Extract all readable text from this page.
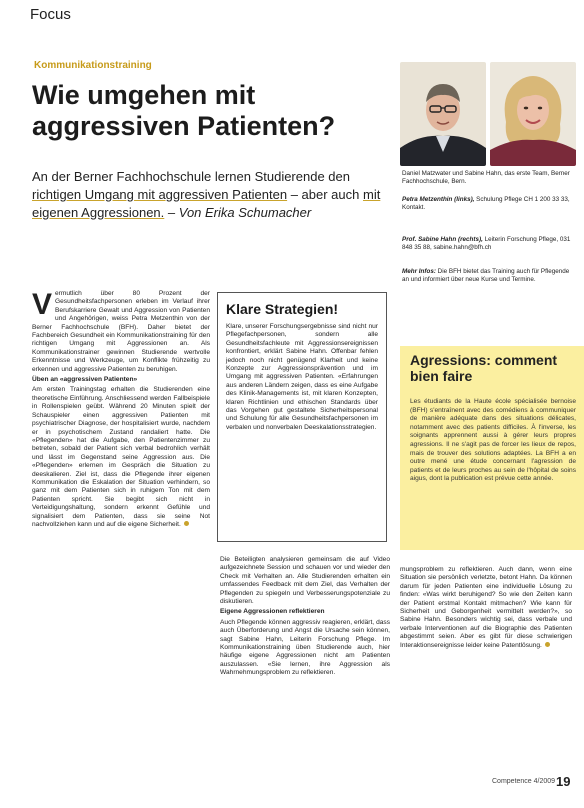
Focus
Kommunikationstraining
Wie umgehen mit aggressiven Patienten?
An der Berner Fachhochschule lernen Studierende den richtigen Umgang mit aggressiven Patienten – aber auch mit eigenen Aggressionen. – Von Erika Schumacher
Daniel Matzwater und Sabine Hahn, das erste Team, Berner Fachhochschule, Bern.
Petra Metzenthin (links), Schulung Pflege CH 1 200 33 33, Kontakt.
Prof. Sabine Hahn (rechts), Leiterin Forschung Pflege, 031 848 35 88, sabine.hahn@bfh.ch
Mehr Infos: Die BFH bietet das Training auch für Pflegende an und informiert über neue Kurse und Termine.

Vermutlich über 80 Prozent der Gesundheitsfachpersonen erleben im Verlauf ihrer Berufskarriere Gewalt und Aggression von Patienten und Angehörigen, weiss Petra Metzenthin von der Berner Fachhochschule (BFH). Daher bietet der Fachbereich Gesundheit ein Kommunikationstraining für den richtigen Umgang mit Aggressionen an. Als Kommunikationstrainer gewinnen Studierende wertvolle Erkenntnisse und Werkzeuge, um Konflikte frühzeitig zu erkennen und aggressive Patienten zu beruhigen.

Üben an «aggressiven Patienten»

Am ersten Trainingstag erhalten die Studierenden eine theoretische Einführung. Anschliessend werden Fallbeispiele in Rollenspielen geübt. Während 20 Minuten spielt der Schauspieler einen aggressiven Patienten mit psychiatrischer Diagnose, der hospitalisiert wurde, nachdem er in psychotischem Zustand randaliert hatte. Die «Pflegenden» hat die Aufgabe, den Patientenzimmer zu betreten, sobald der Patient sich verbal bedrohlich verhält und lässt im Gegenstand seine Aggression aus. Die «Pflegenden» erlernen im Gespräch die Situation zu deeskalieren. Ziel ist, dass die Pflegende ihrer eigenen Kommunikation die Eskalation der Situation verhindern, so ganz mit dem Patienten sich in ruhigem Ton mit dem Patienten spricht. Sie begibt sich nicht in Verteidigungshaltung, sondern erkennt Gefühle und signalisiert dem Patienten, dass sie seine Not nachvollziehen kann und auf die eigene Sicherheit.

Klare Strategien!
Klare, unserer Forschungsergebnisse sind nicht nur Pflegefachpersonen, sondern alle Gesundheitsfachleute mit Aggressionsereignissen konfrontiert, erklärt Sabine Hahn. Offenbar fehlen jedoch noch nicht genügend Klarheit und keine Konzepte zur Aggressionsprävention und im Umgang mit aggressiven Patienten. «Erfahrungen aus anderen Ländern zeigen, dass es eine Aufgabe des Klinik-Managements ist, mit klaren Konzepten, klaren Richtlinien und ethischen Standards über das Vorgehen gut gestaltete Sicherheitspersonal und Schulung für alle Gesundheitsfachpersonen im verbalen und nonverbalen Deeskalationsstrategien.

Die Beteiligten analysieren gemeinsam die auf Video aufgezeichnete Session und schauen vor und wieder den Check mit Verhalten an. Alle Studierenden erhalten ein umfassendes Feedback mit dem Ziel, das Verhalten der Pflegenden zu spiegeln und Verbesserungspotenziale zu diskutieren.

Eigene Aggressionen reflektieren

Auch Pflegende können aggressiv reagieren, erklärt, dass auch Überforderung und Angst die Ursache sein können, sagt Sabine Hahn, Leiterin Forschung Pflege. Im Kommunikationstraining üben Studierende auch, hier häufige eigene Aggressionen nicht am Patienten auszulassen. «Sie lernen, ihre Aggression als Wahrnehmungsproblem zu reflektieren.

Agressions: comment bien faire
Les étudiants de la Haute école spécialisée bernoise (BFH) s'entraînent avec des comédiens à communiquer de manière adéquate dans des situations délicates, notamment avec des patients difficiles. À l'inverse, les soignants apprennent aussi à gérer leurs propres agressions. Il ne s'agit pas de forcer les lieux de repos, mais de trouver des solutions adaptées. La BFH a en outre mené une étude concernant l'agression de patients et de leurs proches au sein de l'hôpital de soins aigus, dont la publication est prévue cette année.

mungsproblem zu reflektieren. Auch dann, wenn eine Situation sie persönlich verletzte, betont Hahn. Da können darum für jeden Patienten eine individuelle Lösung zu finden: «Was wirkt beruhigend? So wie den Zeiten kann der Patient erstmal Kontakt mitmachen? Wie kann für Sicherheit und Geborgenheit vermittelt werden?», so Sabine Hahn. Besonders wichtig sei, dass verbale und verbale Interventionen auf die Biographie des Patienten abgestimmt seien. Aber es gibt für diese schwierigen Interaktionsereignisse leider keine Patentlösung.

Competence 4/2009 19
